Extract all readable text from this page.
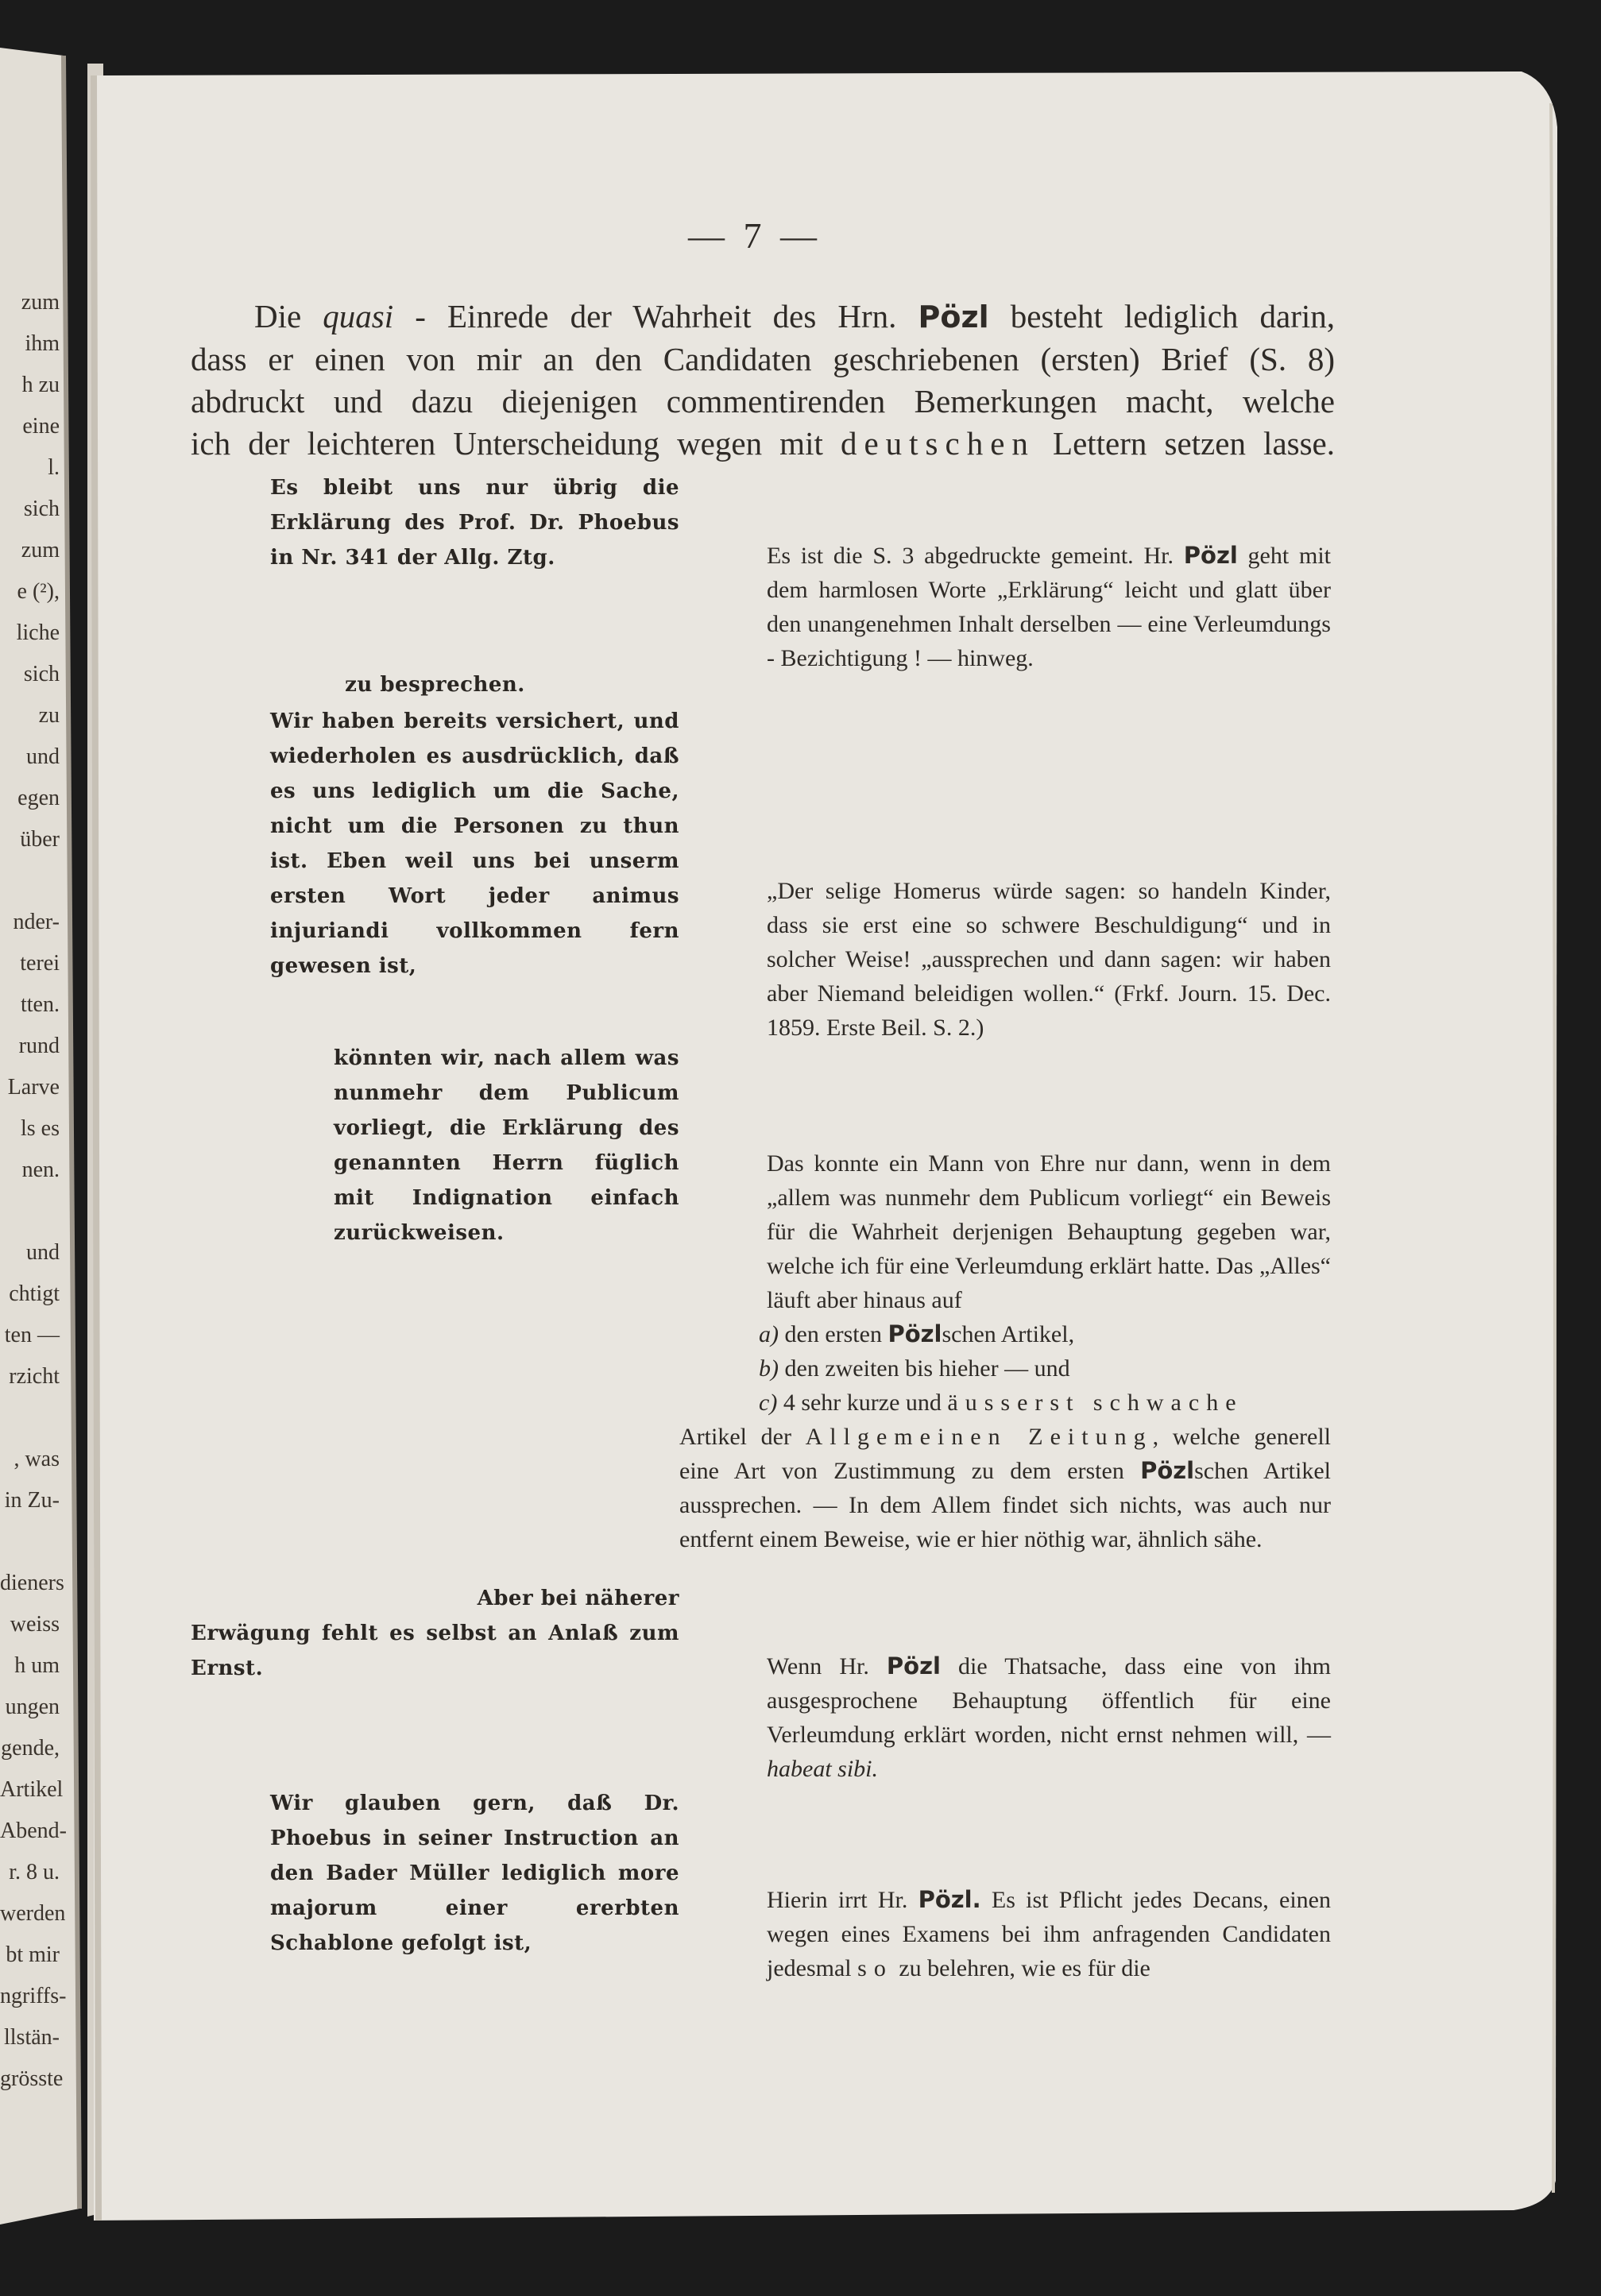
zum
ihm
h zu
eine
l.
sich
zum
e (²),
liche
sich
zu
und
egen
über

nder-
terei
tten.
rund
Larve
ls es
nen.

und
chtigt
ten —
rzicht

, was
in Zu-

dieners
weiss
h um
ungen
gende,
Artikel
Abend-
r. 8 u.
werden
bt mir
ngriffs-
llstän-
grösste
— 7 —
Die quasi - Einrede der Wahrheit des Hrn. Pözl besteht lediglich darin,
dass er einen von mir an den Candidaten geschriebenen (ersten) Brief (S. 8)
abdruckt und dazu diejenigen commentirenden Bemerkungen macht, welche
ich der leichteren Unterscheidung wegen mit deutschen Lettern setzen lasse.
Es bleibt uns nur übrig die Erklärung des Prof. Dr. Phoebus in Nr. 341 der Allg. Ztg.
zu besprechen.
Wir haben bereits versichert, und wiederholen es ausdrücklich, daß es uns lediglich um die Sache, nicht um die Personen zu thun ist. Eben weil uns bei unserm ersten Wort jeder animus injuriandi vollkommen fern gewesen ist,
könnten wir, nach allem was nunmehr dem Publicum vorliegt, die Erklärung des genannten Herrn füglich mit Indignation einfach zurückweisen.
Aber bei näherer
Erwägung fehlt es selbst an Anlaß zum Ernst.
Wir glauben gern, daß Dr. Phoebus in seiner Instruction an den Bader Müller lediglich more majorum einer ererbten Schablone gefolgt ist,
Es ist die S. 3 abgedruckte gemeint. Hr. Pözl geht mit dem harmlosen Worte „Erklärung“ leicht und glatt über den unangenehmen Inhalt derselben — eine Verleumdungs - Bezichtigung ! — hinweg.
„Der selige Homerus würde sagen: so handeln Kinder, dass sie erst eine so schwere Beschuldigung“ und in solcher Weise! „aussprechen und dann sagen: wir haben aber Niemand beleidigen wollen.“ (Frkf. Journ. 15. Dec. 1859. Erste Beil. S. 2.)
Das konnte ein Mann von Ehre nur dann, wenn in dem „allem was nunmehr dem Publicum vorliegt“ ein Beweis für die Wahrheit derjenigen Behauptung gegeben war, welche ich für eine Verleumdung erklärt hatte. Das „Alles“ läuft aber hinaus auf
a) den ersten Pözlschen Artikel,
b) den zweiten bis hieher — und
c) 4 sehr kurze und äusserst schwache
Artikel der Allgemeinen Zeitung, welche generell eine Art von Zustimmung zu dem ersten Pözlschen Artikel aussprechen. — In dem Allem findet sich nichts, was auch nur entfernt einem Beweise, wie er hier nöthig war, ähnlich sähe.
Wenn Hr. Pözl die Thatsache, dass eine von ihm ausgesprochene Behauptung öffentlich für eine Verleumdung erklärt worden, nicht ernst nehmen will, — habeat sibi.
Hierin irrt Hr. Pözl. Es ist Pflicht jedes Decans, einen wegen eines Examens bei ihm anfragenden Candidaten jedesmal so zu belehren, wie es für die
